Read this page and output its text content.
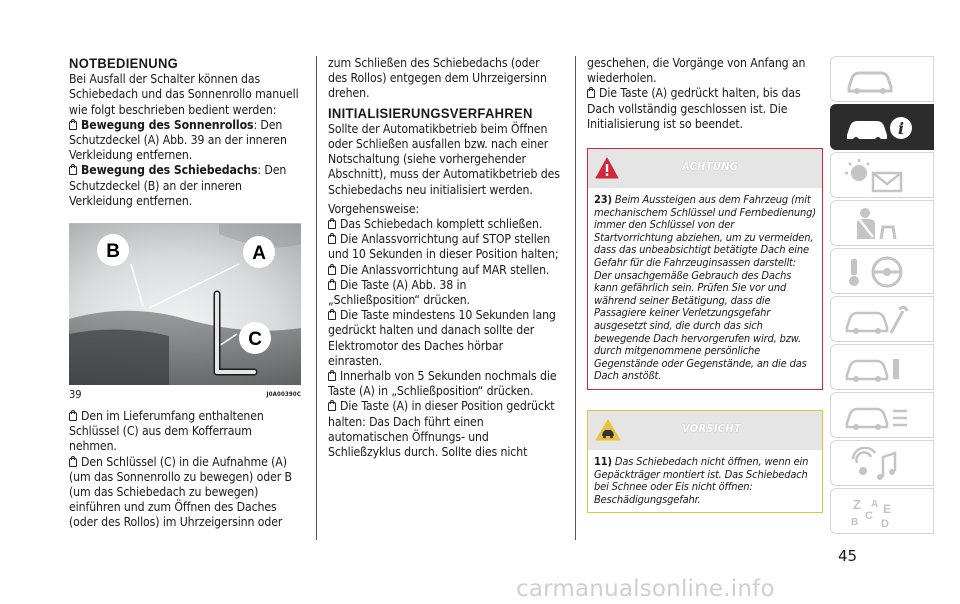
NOTBEDIENUNG
Bei Ausfall der Schalter können das Schiebedach und das Sonnenrollo manuell wie folgt beschrieben bedient werden:
Bewegung des Sonnenrollos: Den Schutzdeckel (A) Abb. 39 an der inneren Verkleidung entfernen.
Bewegung des Schiebedachs: Den Schutzdeckel (B) an der inneren Verkleidung entfernen.
B	A
C
39	J0A00390C
Den im Lieferumfang enthaltenen Schlüssel (C) aus dem Kofferraum nehmen.
Den Schlüssel (C) in die Aufnahme (A) (um das Sonnenrollo zu bewegen) oder B (um das Schiebedach zu bewegen) einführen und zum Öffnen des Daches (oder des Rollos) im Uhrzeigersinn oder
zum Schließen des Schiebedachs (oder des Rollos) entgegen dem Uhrzeigersinn drehen.
INITIALISIERUNGSVERFAHREN
Sollte der Automatikbetrieb beim Öffnen oder Schließen ausfallen bzw. nach einer Notschaltung (siehe vorhergehender Abschnitt), muss der Automatikbetrieb des Schiebedachs neu initialisiert werden.
Vorgehensweise:
Das Schiebedach komplett schließen.
Die Anlassvorrichtung auf STOP stellen und 10 Sekunden in dieser Position halten;
Die Anlassvorrichtung auf MAR stellen.
Die Taste (A) Abb. 38 in „Schließposition“ drücken.
Die Taste mindestens 10 Sekunden lang gedrückt halten und danach sollte der Elektromotor des Daches hörbar einrasten.
Innerhalb von 5 Sekunden nochmals die Taste (A) in „Schließposition“ drücken.
Die Taste (A) in dieser Position gedrückt halten: Das Dach führt einen automatischen Öffnungs- und Schließzyklus durch. Sollte dies nicht
geschehen, die Vorgänge von Anfang an wiederholen.
Die Taste (A) gedrückt halten, bis das Dach vollständig geschlossen ist. Die Initialisierung ist so beendet.
ACHTUNG
23) Beim Aussteigen aus dem Fahrzeug (mit mechanischem Schlüssel und Fernbedienung) immer den Schlüssel von der Startvorrichtung abziehen, um zu vermeiden, dass das unbeabsichtigt betätigte Dach eine Gefahr für die Fahrzeuginsassen darstellt: Der unsachgemäße Gebrauch des Dachs kann gefährlich sein. Prüfen Sie vor und während seiner Betätigung, dass die Passagiere keiner Verletzungsgefahr ausgesetzt sind, die durch das sich bewegende Dach hervorgerufen wird, bzw. durch mitgenommene persönliche Gegenstände oder Gegenstände, an die das Dach anstößt.
VORSICHT
11) Das Schiebedach nicht öffnen, wenn ein Gepäckträger montiert ist. Das Schiebedach bei Schnee oder Eis nicht öffnen: Beschädigungsgefahr.
i
Z A
C E
B D
45
carmanualsonline.info
